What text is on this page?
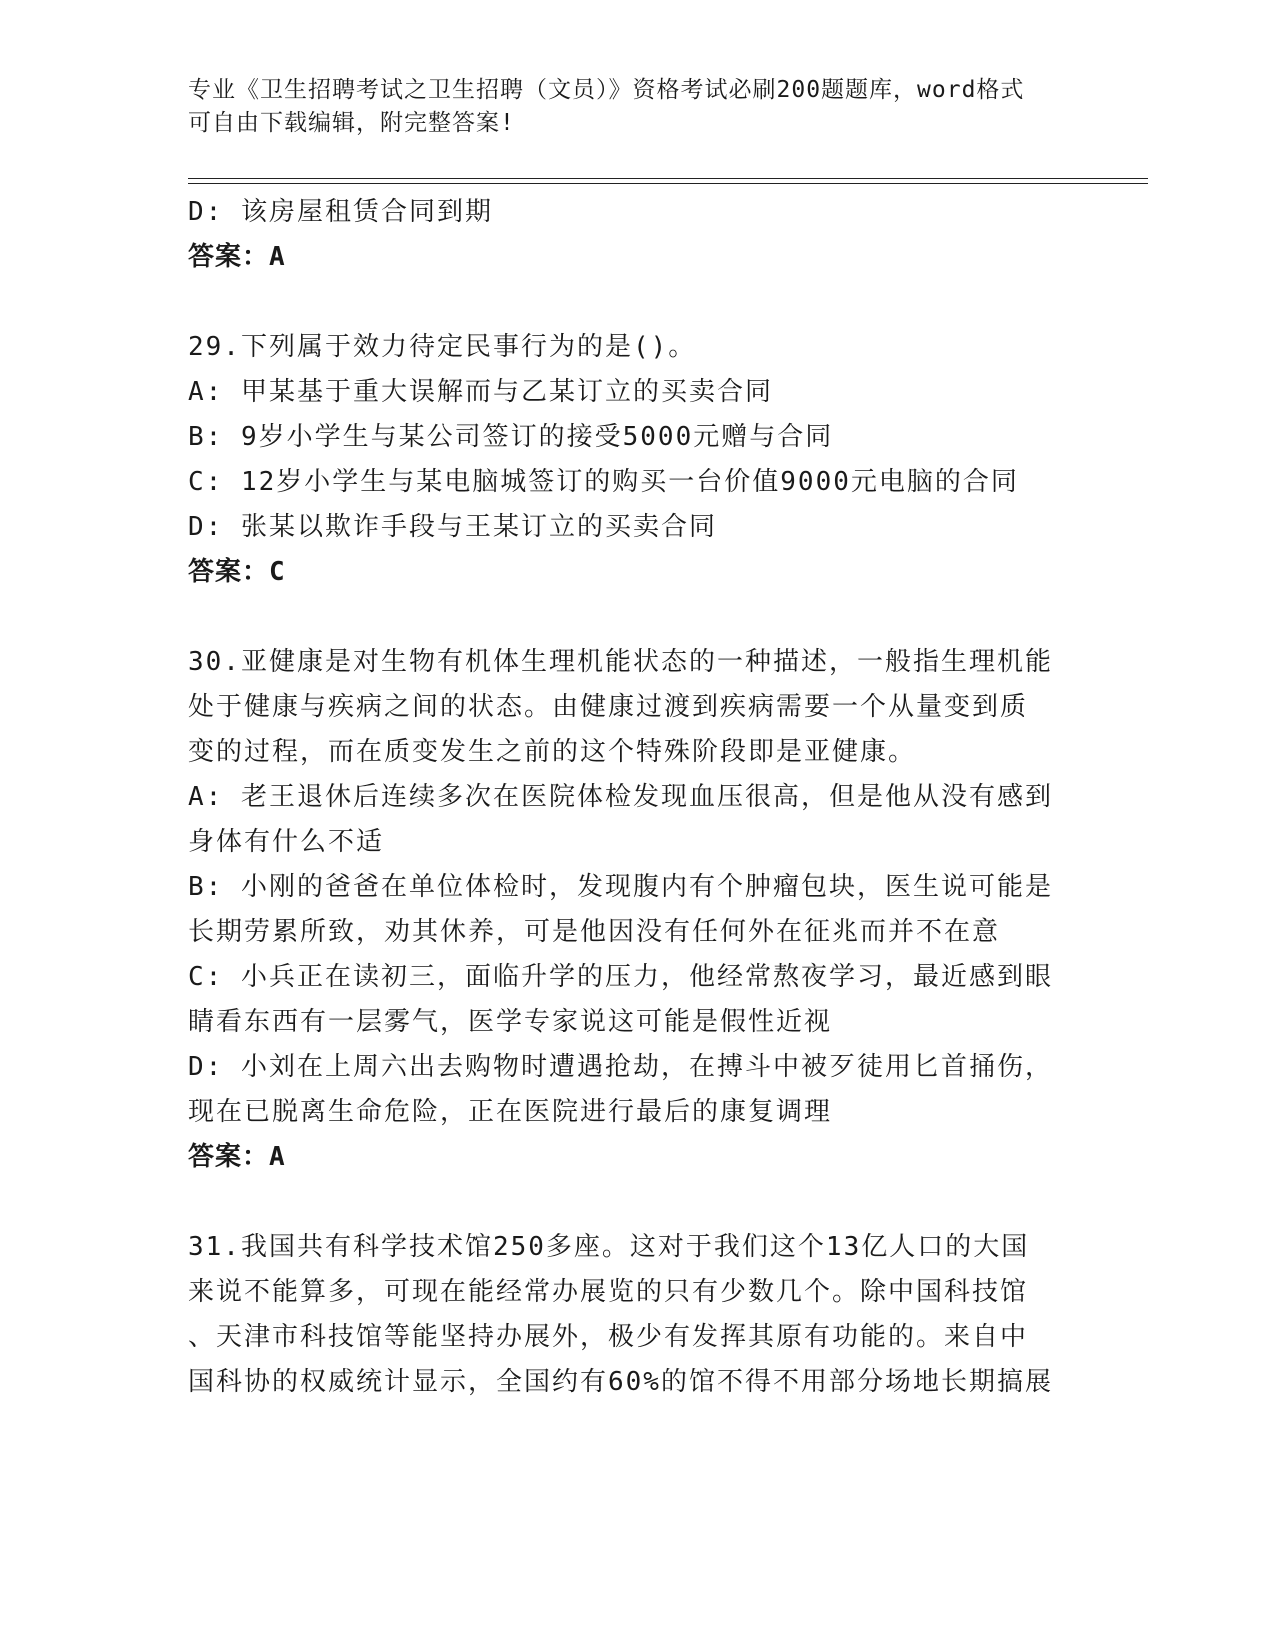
专业《卫生招聘考试之卫生招聘（文员）》资格考试必刷200题题库，word格式
可自由下载编辑，附完整答案!

D: 该房屋租赁合同到期

答案：A

29.下列属于效力待定民事行为的是()。

A: 甲某基于重大误解而与乙某订立的买卖合同

B: 9岁小学生与某公司签订的接受5000元赠与合同

C: 12岁小学生与某电脑城签订的购买一台价值9000元电脑的合同

D: 张某以欺诈手段与王某订立的买卖合同

答案：C

30.亚健康是对生物有机体生理机能状态的一种描述，一般指生理机能

处于健康与疾病之间的状态。由健康过渡到疾病需要一个从量变到质

变的过程，而在质变发生之前的这个特殊阶段即是亚健康。

A: 老王退休后连续多次在医院体检发现血压很高，但是他从没有感到

身体有什么不适

B: 小刚的爸爸在单位体检时，发现腹内有个肿瘤包块，医生说可能是

长期劳累所致，劝其休养，可是他因没有任何外在征兆而并不在意

C: 小兵正在读初三，面临升学的压力，他经常熬夜学习，最近感到眼

睛看东西有一层雾气，医学专家说这可能是假性近视

D: 小刘在上周六出去购物时遭遇抢劫，在搏斗中被歹徒用匕首捅伤，

现在已脱离生命危险，正在医院进行最后的康复调理

答案：A

31.我国共有科学技术馆250多座。这对于我们这个13亿人口的大国

来说不能算多，可现在能经常办展览的只有少数几个。除中国科技馆

、天津市科技馆等能坚持办展外，极少有发挥其原有功能的。来自中

国科协的权威统计显示，全国约有60%的馆不得不用部分场地长期搞展
